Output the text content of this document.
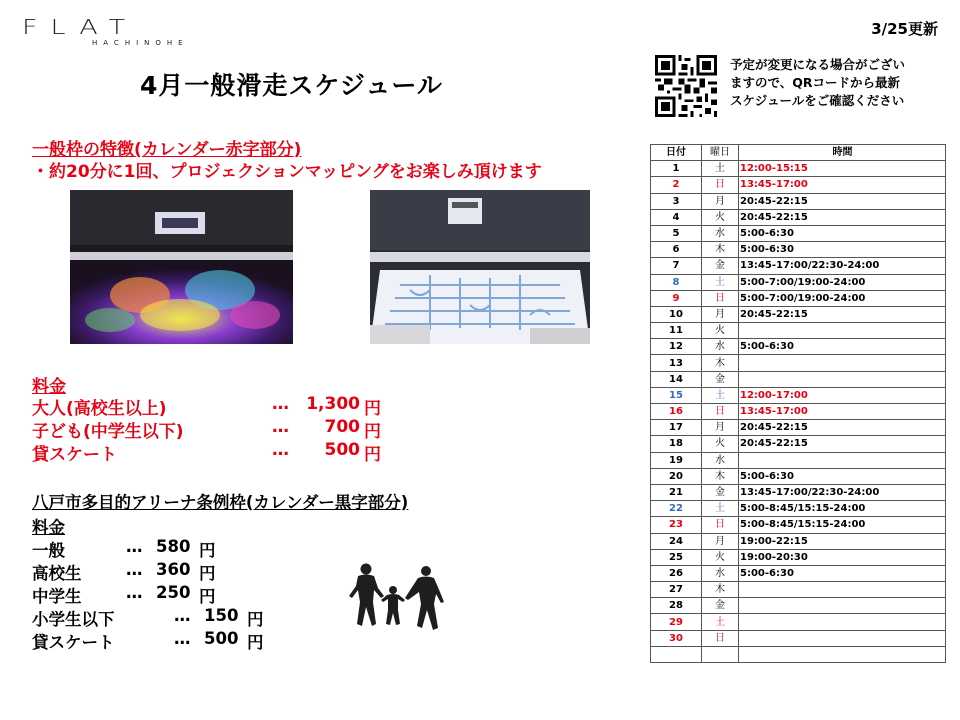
FLAT
HACHINOHE
3/25更新
4月一般滑走スケジュール
予定が変更になる場合がござい
ますので、QRコードから最新
スケジュールをご確認ください
一般枠の特徴(カレンダー赤字部分)
・約20分に1回、プロジェクションマッピングをお楽しみ頂けます
料金
大人(高校生以上)	…	1,300 円
子ども(中学生以下)	…	700 円
貸スケート	…	500 円
八戸市多目的アリーナ条例枠(カレンダー黒字部分)
料金
一般	… 580 円
高校生	… 360 円
中学生	… 250 円
小学生以下	… 150 円
貸スケート	… 500 円
日付	曜日	時間
1	土	12:00-15:15
2	日	13:45-17:00
3	月	20:45-22:15
4	火	20:45-22:15
5	水	5:00-6:30
6	木	5:00-6:30
7	金	13:45-17:00/22:30-24:00
8	土	5:00-7:00/19:00-24:00
9	日	5:00-7:00/19:00-24:00
10	月	20:45-22:15
11	火	
12	水	5:00-6:30
13	木	
14	金	
15	土	12:00-17:00
16	日	13:45-17:00
17	月	20:45-22:15
18	火	20:45-22:15
19	水	
20	木	5:00-6:30
21	金	13:45-17:00/22:30-24:00
22	土	5:00-8:45/15:15-24:00
23	日	5:00-8:45/15:15-24:00
24	月	19:00-22:15
25	火	19:00-20:30
26	水	5:00-6:30
27	木	
28	金	
29	土	
30	日	
